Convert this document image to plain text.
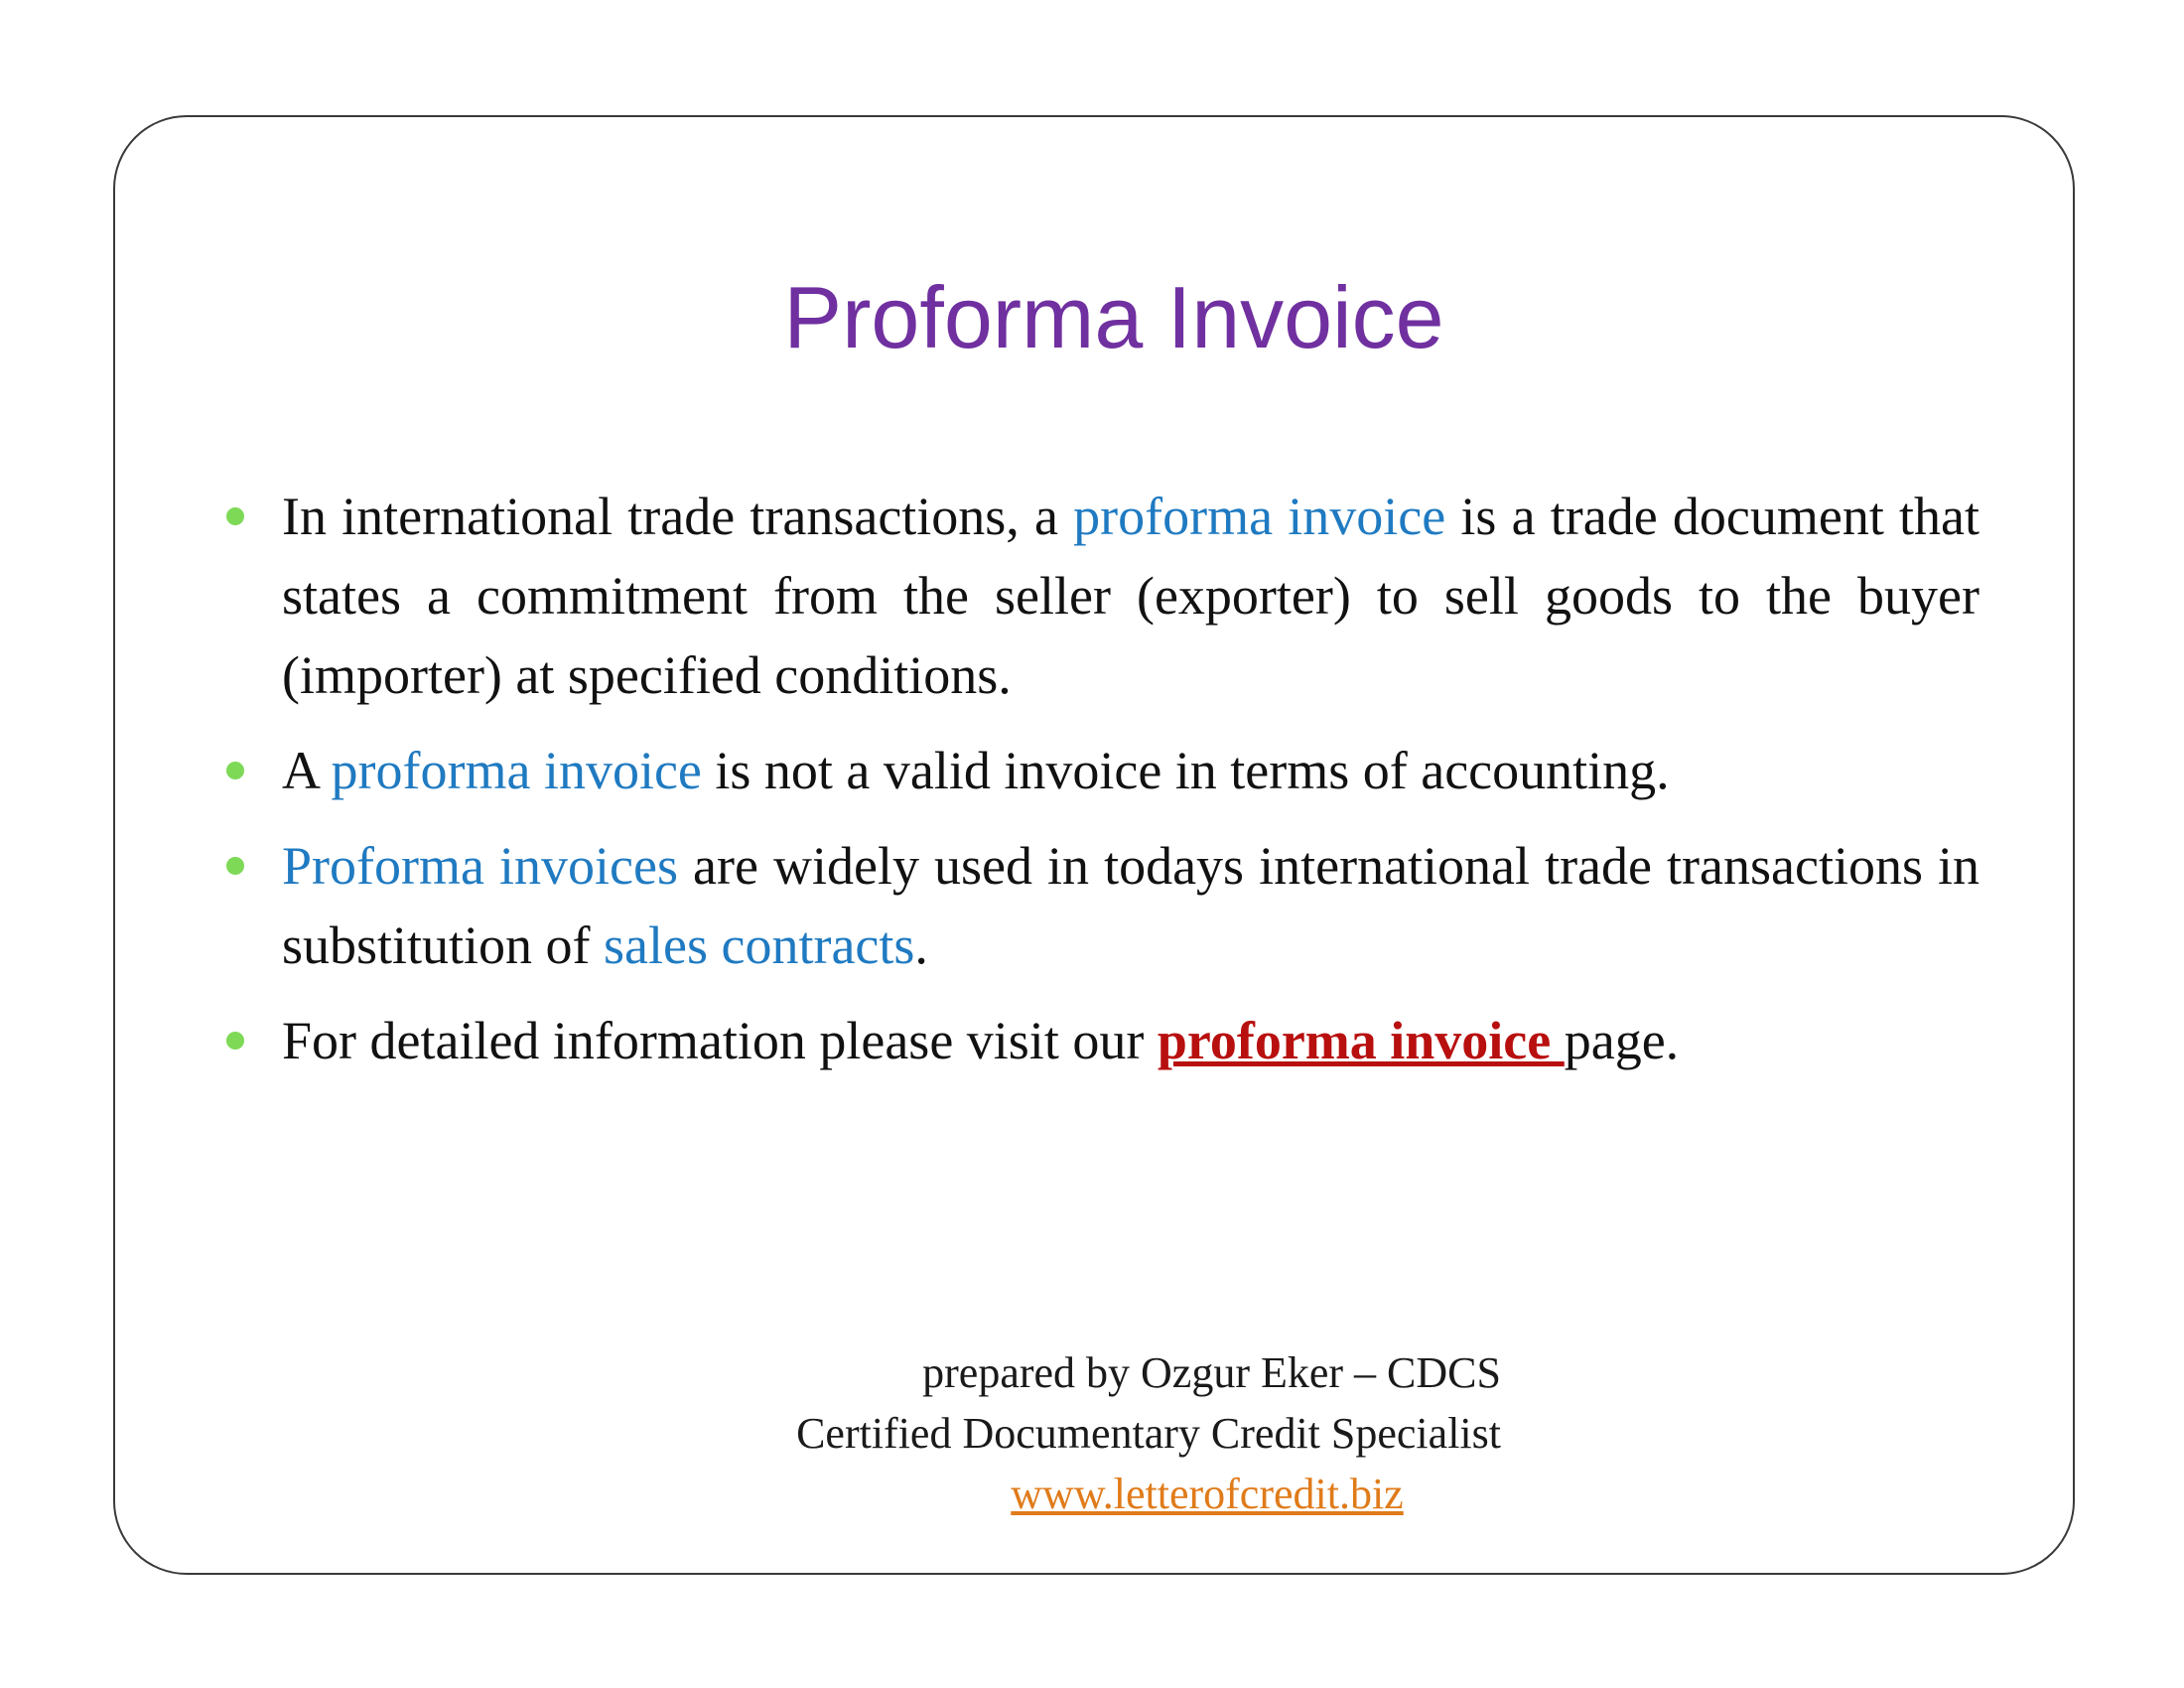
Proforma Invoice
In international trade transactions, a proforma invoice is a trade document that states a commitment from the seller (exporter) to sell goods to the buyer (importer) at specified conditions.
A proforma invoice is not a valid invoice in terms of accounting.
Proforma invoices are widely used in todays international trade transactions in substitution of sales contracts.
For detailed information please visit our proforma invoice page.
prepared by Ozgur Eker – CDCS
Certified Documentary Credit Specialist
www.letterofcredit.biz
